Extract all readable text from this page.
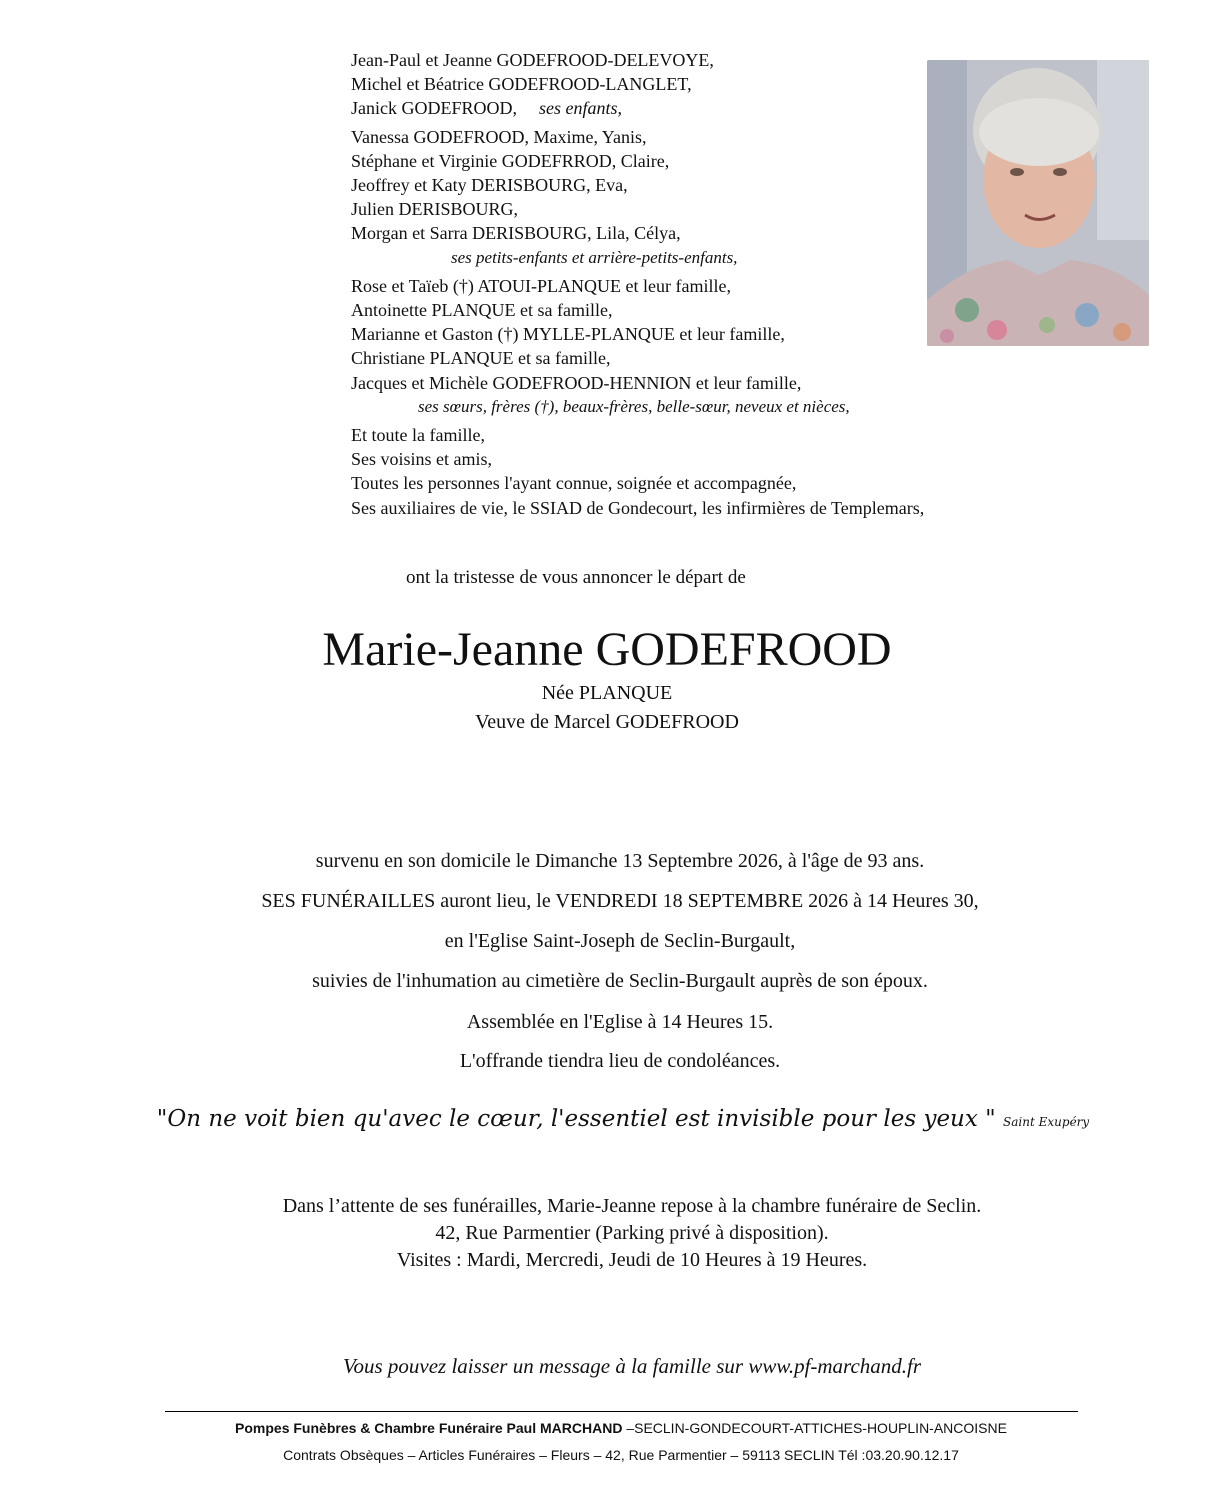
Jean-Paul et Jeanne GODEFROOD-DELEVOYE,
Michel et Béatrice GODEFROOD-LANGLET,
Janick GODEFROOD, ses enfants,
Vanessa GODEFROOD, Maxime, Yanis,
Stéphane et Virginie GODEFRROD, Claire,
Jeoffrey et Katy DERISBOURG, Eva,
Julien DERISBOURG,
Morgan et Sarra DERISBOURG, Lila, Célya,
ses petits-enfants et arrière-petits-enfants,
Rose et Taïeb (†) ATOUI-PLANQUE et leur famille,
Antoinette PLANQUE et sa famille,
Marianne et Gaston (†) MYLLE-PLANQUE et leur famille,
Christiane PLANQUE et sa famille,
Jacques et Michèle GODEFROOD-HENNION et leur famille,
ses sœurs, frères (†), beaux-frères, belle-sœur, neveux et nièces,
Et toute la famille,
Ses voisins et amis,
Toutes les personnes l'ayant connue, soignée et accompagnée,
Ses auxiliaires de vie, le SSIAD de Gondecourt, les infirmières de Templemars,
ont la tristesse de vous annoncer le départ de
Marie-Jeanne GODEFROOD
Née PLANQUE
Veuve de Marcel GODEFROOD
survenu en son domicile le Dimanche 13 Septembre 2026, à l'âge de 93 ans.
SES FUNÉRAILLES auront lieu, le VENDREDI 18 SEPTEMBRE 2026 à 14 Heures 30,
en l'Eglise Saint-Joseph de Seclin-Burgault,
suivies de l'inhumation au cimetière de Seclin-Burgault auprès de son époux.
Assemblée en l'Eglise à 14 Heures 15.
L'offrande tiendra lieu de condoléances.
"On ne voit bien qu'avec le cœur, l'essentiel est invisible pour les yeux " Saint Exupéry
Dans l’attente de ses funérailles, Marie-Jeanne repose à la chambre funéraire de Seclin.
42, Rue Parmentier (Parking privé à disposition).
Visites : Mardi, Mercredi, Jeudi de 10 Heures à 19 Heures.
Vous pouvez laisser un message à la famille sur www.pf-marchand.fr
Pompes Funèbres & Chambre Funéraire Paul MARCHAND –SECLIN-GONDECOURT-ATTICHES-HOUPLIN-ANCOISNE
Contrats Obsèques – Articles Funéraires – Fleurs – 42, Rue Parmentier – 59113 SECLIN Tél :03.20.90.12.17
